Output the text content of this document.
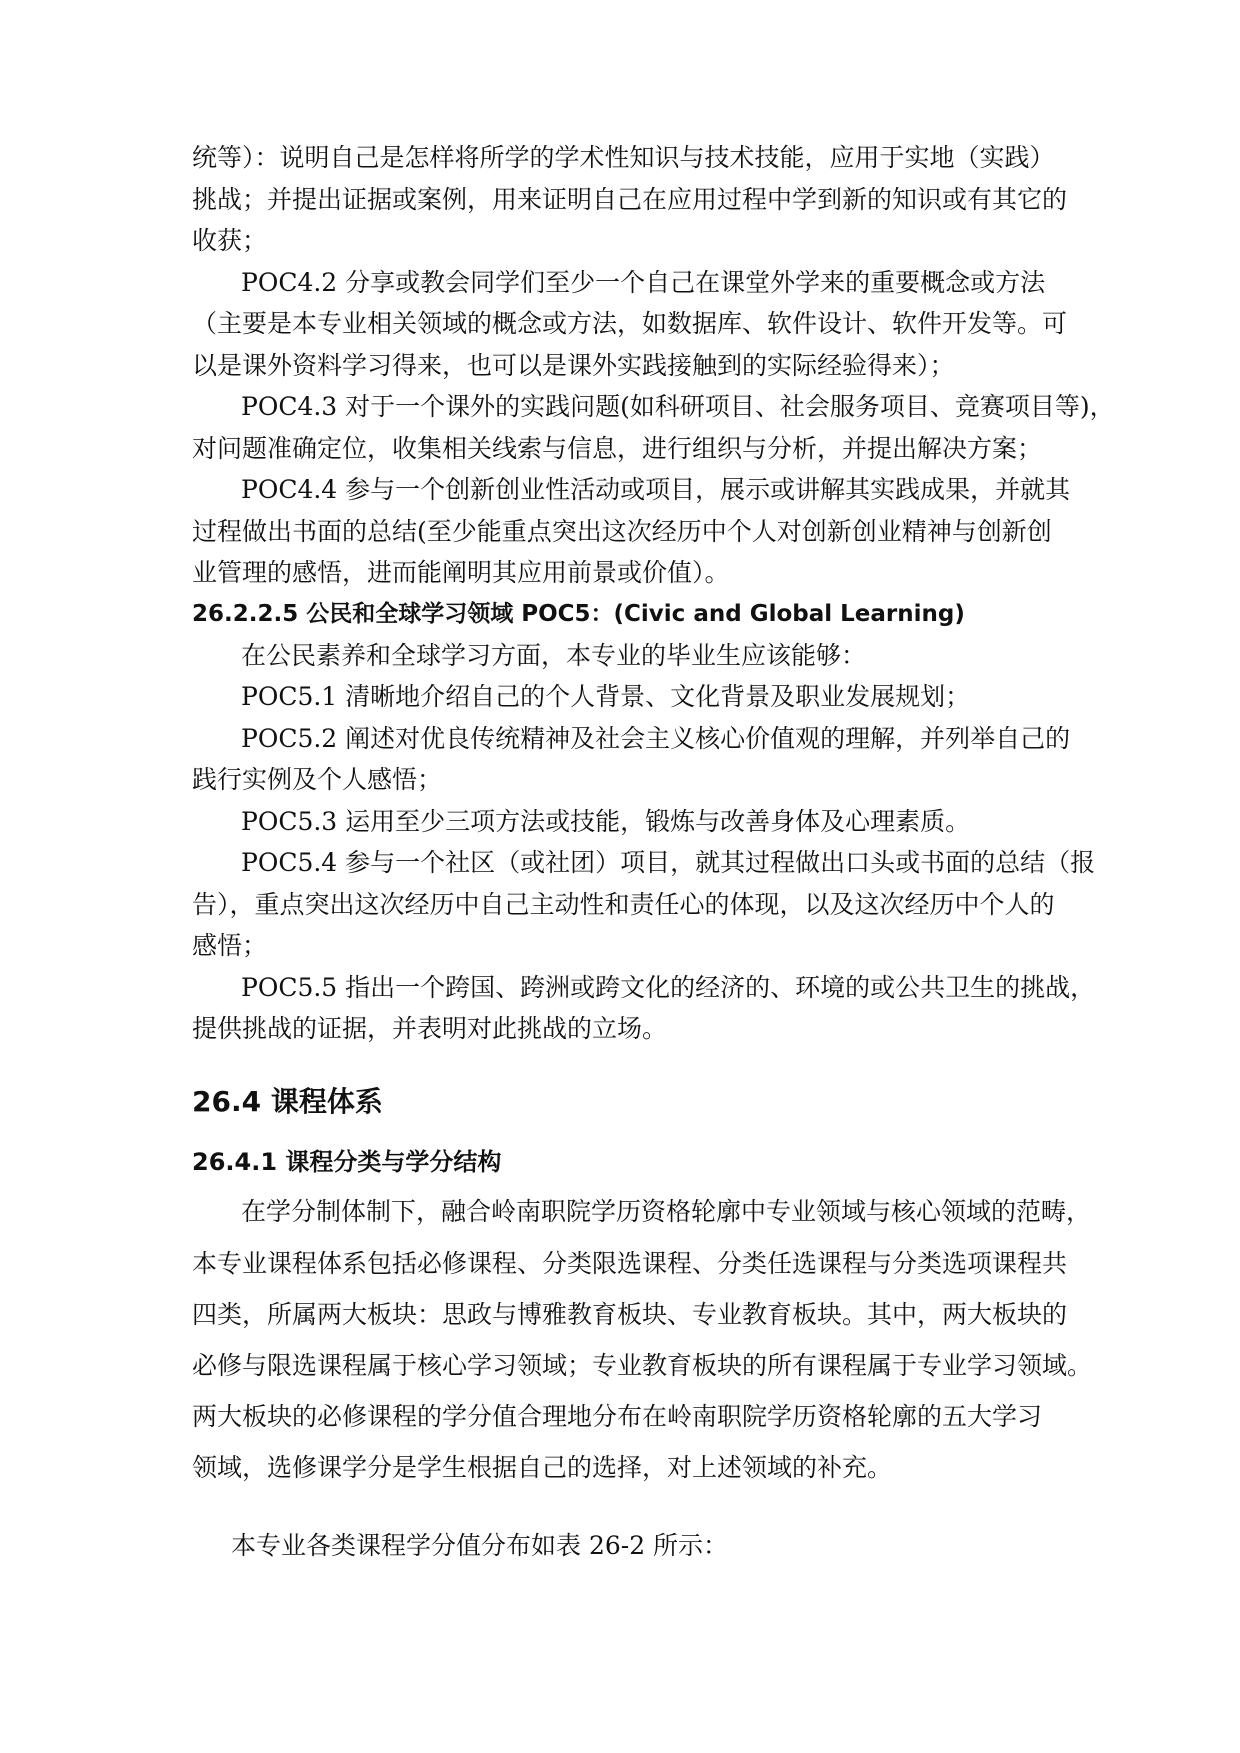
统等）：说明自己是怎样将所学的学术性知识与技术技能，应用于实地（实践）
挑战；并提出证据或案例，用来证明自己在应用过程中学到新的知识或有其它的
收获；
POC4.2 分享或教会同学们至少一个自己在课堂外学来的重要概念或方法
（主要是本专业相关领域的概念或方法，如数据库、软件设计、软件开发等。可
以是课外资料学习得来，也可以是课外实践接触到的实际经验得来）；
POC4.3 对于一个课外的实践问题(如科研项目、社会服务项目、竞赛项目等)，
对问题准确定位，收集相关线索与信息，进行组织与分析，并提出解决方案；
POC4.4 参与一个创新创业性活动或项目，展示或讲解其实践成果，并就其
过程做出书面的总结(至少能重点突出这次经历中个人对创新创业精神与创新创
业管理的感悟，进而能阐明其应用前景或价值）。
26.2.2.5 公民和全球学习领域 POC5：(Civic and Global Learning)
在公民素养和全球学习方面，本专业的毕业生应该能够：
POC5.1 清晰地介绍自己的个人背景、文化背景及职业发展规划；
POC5.2 阐述对优良传统精神及社会主义核心价值观的理解，并列举自己的
践行实例及个人感悟；
POC5.3 运用至少三项方法或技能，锻炼与改善身体及心理素质。
POC5.4 参与一个社区（或社团）项目，就其过程做出口头或书面的总结（报
告），重点突出这次经历中自己主动性和责任心的体现，以及这次经历中个人的
感悟；
POC5.5 指出一个跨国、跨洲或跨文化的经济的、环境的或公共卫生的挑战，
提供挑战的证据，并表明对此挑战的立场。
26.4 课程体系
26.4.1 课程分类与学分结构
在学分制体制下，融合岭南职院学历资格轮廓中专业领域与核心领域的范畴，
本专业课程体系包括必修课程、分类限选课程、分类任选课程与分类选项课程共
四类，所属两大板块：思政与博雅教育板块、专业教育板块。其中，两大板块的
必修与限选课程属于核心学习领域；专业教育板块的所有课程属于专业学习领域。
两大板块的必修课程的学分值合理地分布在岭南职院学历资格轮廓的五大学习
领域，选修课学分是学生根据自己的选择，对上述领域的补充。
本专业各类课程学分值分布如表 26-2 所示：
